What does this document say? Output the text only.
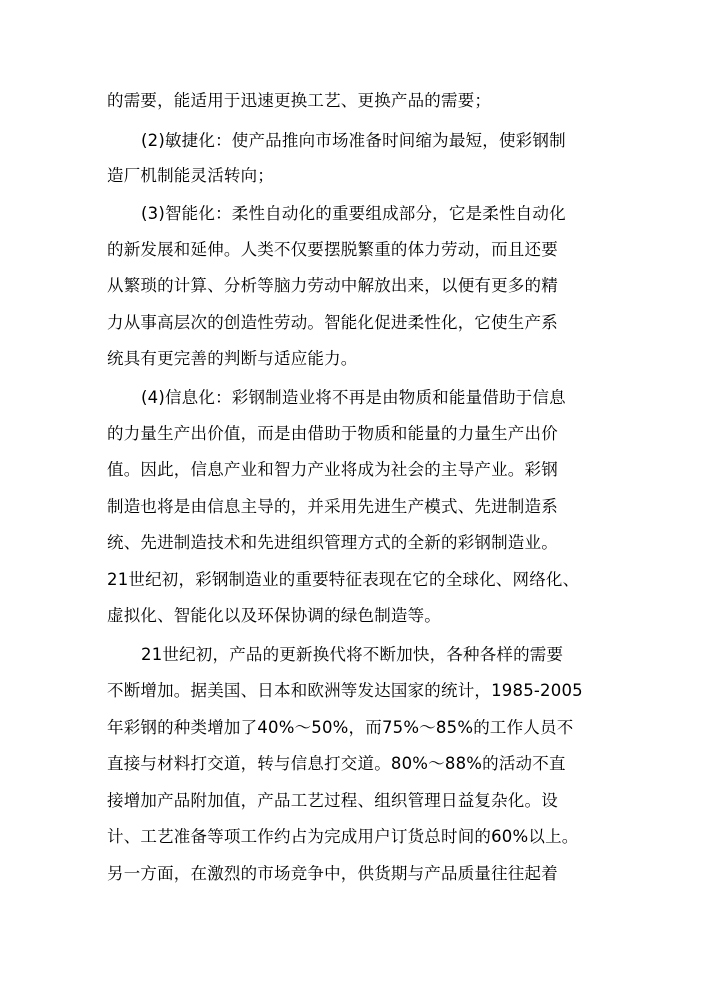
的需要，能适用于迅速更换工艺、更换产品的需要；
(2)敏捷化：使产品推向市场准备时间缩为最短，使彩钢制
造厂机制能灵活转向；
(3)智能化：柔性自动化的重要组成部分，它是柔性自动化
的新发展和延伸。人类不仅要摆脱繁重的体力劳动，而且还要
从繁琐的计算、分析等脑力劳动中解放出来，以便有更多的精
力从事高层次的创造性劳动。智能化促进柔性化，它使生产系
统具有更完善的判断与适应能力。
(4)信息化：彩钢制造业将不再是由物质和能量借助于信息
的力量生产出价值，而是由借助于物质和能量的力量生产出价
值。因此，信息产业和智力产业将成为社会的主导产业。彩钢
制造也将是由信息主导的，并采用先进生产模式、先进制造系
统、先进制造技术和先进组织管理方式的全新的彩钢制造业。
21世纪初，彩钢制造业的重要特征表现在它的全球化、网络化、
虚拟化、智能化以及环保协调的绿色制造等。
21世纪初，产品的更新换代将不断加快，各种各样的需要
不断增加。据美国、日本和欧洲等发达国家的统计，1985-2005
年彩钢的种类增加了40%～50%，而75%～85%的工作人员不
直接与材料打交道，转与信息打交道。80%～88%的活动不直
接增加产品附加值，产品工艺过程、组织管理日益复杂化。设
计、工艺准备等项工作约占为完成用户订货总时间的60%以上。
另一方面，在激烈的市场竞争中，供货期与产品质量往往起着
